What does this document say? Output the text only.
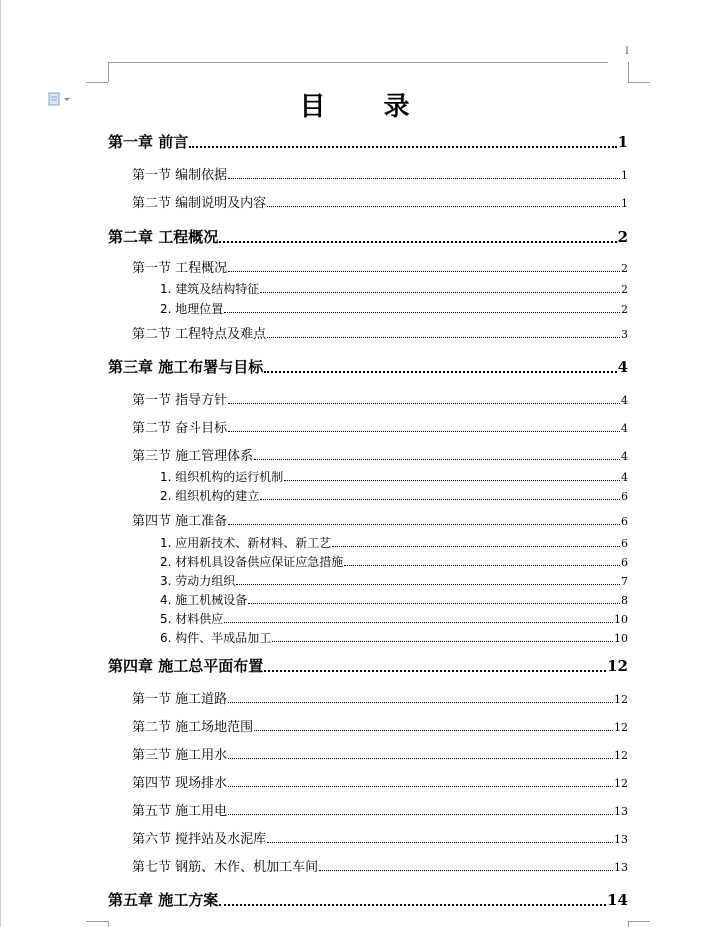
I
目录
第一章 前言	1
第一节 编制依据	1
第二节 编制说明及内容	1
第二章 工程概况	2
第一节 工程概况	2
1. 建筑及结构特征	2
2. 地理位置	2
第二节 工程特点及难点	3
第三章 施工布署与目标	4
第一节 指导方针	4
第二节 奋斗目标	4
第三节 施工管理体系	4
1. 组织机构的运行机制	4
2. 组织机构的建立	6
第四节 施工准备	6
1. 应用新技术、新材料、新工艺	6
2. 材料机具设备供应保证应急措施	6
3. 劳动力组织	7
4. 施工机械设备	8
5. 材料供应	10
6. 构件、半成品加工	10
第四章 施工总平面布置	12
第一节 施工道路	12
第二节 施工场地范围	12
第三节 施工用水	12
第四节 现场排水	12
第五节 施工用电	13
第六节 搅拌站及水泥库	13
第七节 钢筋、木作、机加工车间	13
第五章 施工方案	14
